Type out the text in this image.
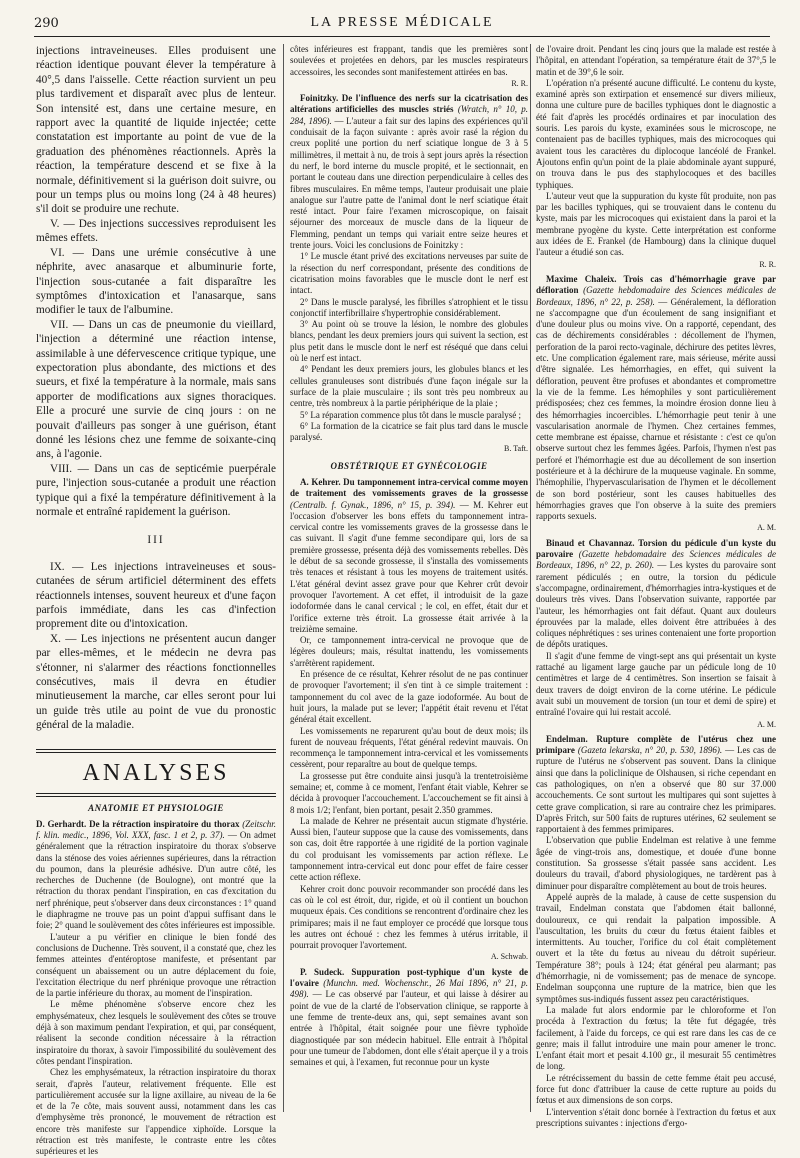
290	LA PRESSE MÉDICALE

injections intraveineuses. Elles produisent une réaction identique pouvant élever la température à 40°,5 dans l'aisselle. Cette réaction survient un peu plus tardivement et disparaît avec plus de lenteur. Son intensité est, dans une certaine mesure, en rapport avec la quantité de liquide injectée; cette constatation est importante au point de vue de la graduation des phénomènes réactionnels. Après la réaction, la température descend et se fixe à la normale, définitivement si la guérison doit suivre, ou pour un temps plus ou moins long (24 à 48 heures) s'il doit se produire une rechute.

V. — Des injections successives reproduisent les mêmes effets.

VI. — Dans une urémie consécutive à une néphrite, avec anasarque et albuminurie forte, l'injection sous-cutanée a fait disparaître les symptômes d'intoxication et l'anasarque, sans modifier le taux de l'albumine.

VII. — Dans un cas de pneumonie du vieillard, l'injection a déterminé une réaction intense, assimilable à une défervescence critique typique, une expectoration plus abondante, des mictions et des sueurs, et fixé la température à la normale, mais sans apporter de modifications aux signes thoraciques. Elle a procuré une survie de cinq jours : on ne pouvait d'ailleurs pas songer à une guérison, étant donné les lésions chez une femme de soixante-cinq ans, à l'agonie.

VIII. — Dans un cas de septicémie puerpérale pure, l'injection sous-cutanée a produit une réaction typique qui a fixé la température définitivement à la normale et entraîné rapidement la guérison.

III

IX. — Les injections intraveineuses et sous-cutanées de sérum artificiel déterminent des effets réactionnels intenses, souvent heureux et d'une façon parfois immédiate, dans les cas d'infection proprement dite ou d'intoxication.

X. — Les injections ne présentent aucun danger par elles-mêmes, et le médecin ne devra pas s'étonner, ni s'alarmer des réactions fonctionnelles consécutives, mais il devra en étudier minutieusement la marche, car elles seront pour lui un guide très utile au point de vue du pronostic général de la maladie.

ANALYSES

ANATOMIE ET PHYSIOLOGIE

D. Gerhardt. De la rétraction inspiratoire du thorax (Zeitschr. f. klin. medic., 1896, Vol. XXX, fasc. 1 et 2, p. 37). — On admet généralement que la rétraction inspiratoire du thorax s'observe dans la sténose des voies aériennes supérieures, dans la rétraction du poumon, dans la pleurésie adhésive. D'un autre côté, les recherches de Duchenne (de Boulogne), ont montré que la rétraction du thorax pendant l'inspiration, en cas d'excitation du nerf phrénique, peut s'observer dans deux circonstances : 1° quand le diaphragme ne trouve pas un point d'appui suffisant dans le foie; 2° quand le soulèvement des côtes inférieures est impossible.

L'auteur a pu vérifier en clinique le bien fondé des conclusions de Duchenne. Très souvent, il a constaté que, chez les femmes atteintes d'entéroptose manifeste, et présentant par conséquent un abaissement ou un autre déplacement du foie, l'excitation électrique du nerf phrénique provoque une rétraction de la partie inférieure du thorax, au moment de l'inspiration.

Le même phénomène s'observe encore chez les emphysémateux, chez lesquels le soulèvement des côtes se trouve déjà à son maximum pendant l'expiration, et qui, par conséquent, réalisent la seconde condition nécessaire à la rétraction inspiratoire du thorax, à savoir l'impossibilité du soulèvement des côtes pendant l'inspiration.

Chez les emphysémateux, la rétraction inspiratoire du thorax serait, d'après l'auteur, relativement fréquente. Elle est particulièrement accusée sur la ligne axillaire, au niveau de la 6e et de la 7e côte, mais souvent aussi, notamment dans les cas d'emphysème très prononcé, le mouvement de rétraction est encore très manifeste sur l'appendice xiphoïde. Lorsque la rétraction est très manifeste, le contraste entre les côtes supérieures et les

côtes inférieures est frappant, tandis que les premières sont soulevées et projetées en dehors, par les muscles respirateurs accessoires, les secondes sont manifestement attirées en bas.

R. R.

Foinitzky. De l'influence des nerfs sur la cicatrisation des altérations artificielles des muscles striés (Wratch, n° 10, p. 284, 1896). — L'auteur a fait sur des lapins des expériences qu'il conduisait de la façon suivante : après avoir rasé la région du creux poplité une portion du nerf sciatique longue de 3 à 5 millimètres, il mettait à nu, de trois à sept jours après la résection du nerf, le bord interne du muscle propité, et le sectionnait, en portant le couteau dans une direction perpendiculaire à celles des fibres musculaires. En même temps, l'auteur produisait une plaie analogue sur l'autre patte de l'animal dont le nerf sciatique était resté intact. Pour faire l'examen microscopique, on faisait séjourner des morceaux de muscle dans de la liqueur de Flemming, pendant un temps qui variait entre seize heures et trente jours. Voici les conclusions de Foinitzky :

1° Le muscle étant privé des excitations nerveuses par suite de la résection du nerf correspondant, présente des conditions de cicatrisation moins favorables que le muscle dont le nerf est intact.

2° Dans le muscle paralysé, les fibrilles s'atrophient et le tissu conjonctif interfibrillaire s'hypertrophie considérablement.

3° Au point où se trouve la lésion, le nombre des globules blancs, pendant les deux premiers jours qui suivent la section, est plus petit dans le muscle dont le nerf est réséqué que dans celui où le nerf est intact.

4° Pendant les deux premiers jours, les globules blancs et les cellules granuleuses sont distribués d'une façon inégale sur la surface de la plaie musculaire ; ils sont très peu nombreux au centre, très nombreux à la partie périphérique de la plaie ;

5° La réparation commence plus tôt dans le muscle paralysé ;

6° La formation de la cicatrice se fait plus tard dans le muscle paralysé.

B. Taft.

OBSTÉTRIQUE ET GYNÉCOLOGIE

A. Kehrer. Du tamponnement intra-cervical comme moyen de traitement des vomissements graves de la grossesse (Centralb. f. Gynak., 1896, n° 15, p. 394). — M. Kehrer eut l'occasion d'observer les bons effets du tamponnement intra-cervical contre les vomissements graves de la grossesse dans le cas suivant. Il s'agit d'une femme secondipare qui, lors de sa première grossesse, présenta déjà des vomissements rebelles. Dès le début de sa seconde grossesse, il s'installa des vomissements très tenaces et résistant à tous les moyens de traitement usités. L'état général devint assez grave pour que Kehrer crût devoir provoquer l'avortement. A cet effet, il introduisit de la gaze iodoformée dans le canal cervical ; le col, en effet, était dur et l'orifice externe très étroit. La grossesse était arrivée à la treizième semaine.

Or, ce tamponnement intra-cervical ne provoque que de légères douleurs; mais, résultat inattendu, les vomissements s'arrêtèrent rapidement.

En présence de ce résultat, Kehrer résolut de ne pas continuer de provoquer l'avortement; il s'en tint à ce simple traitement : tamponnement du col avec de la gaze iodoformée. Au bout de huit jours, la malade put se lever; l'appétit était revenu et l'état général était excellent.

Les vomissements ne reparurent qu'au bout de deux mois; ils furent de nouveau fréquents, l'état général redevint mauvais. On recommença le tamponnement intra-cervical et les vomissements cessèrent, pour reparaître au bout de quelque temps.

La grossesse put être conduite ainsi jusqu'à la trentetroisième semaine; et, comme à ce moment, l'enfant était viable, Kehrer se décida à provoquer l'accouchement. L'accouchement se fit ainsi à 8 mois 1/2; l'enfant, bien portant, pesait 2.350 grammes.

La malade de Kehrer ne présentait aucun stigmate d'hystérie. Aussi bien, l'auteur suppose que la cause des vomissements, dans son cas, doit être rapportée à une rigidité de la portion vaginale du col produisant les vomissements par action réflexe. Le tamponnement intra-cervical eut donc pour effet de faire cesser cette action réflexe.

Kehrer croit donc pouvoir recommander son procédé dans les cas où le col est étroit, dur, rigide, et où il contient un bouchon muqueux épais. Ces conditions se rencontrent d'ordinaire chez les primipares; mais il ne faut employer ce procédé que lorsque tous les autres ont échoué : chez les femmes à utérus irritable, il pourrait provoquer l'avortement.

A. Schwab.

P. Sudeck. Suppuration post-typhique d'un kyste de l'ovaire (Munchn. med. Wochenschr., 26 Mai 1896, n° 21, p. 498). — Le cas observé par l'auteur, et qui laisse à désirer au point de vue de la clarté de l'observation clinique, se rapporte à une femme de trente-deux ans, qui, sept semaines avant son entrée à l'hôpital, était soignée pour une fièvre typhoïde diagnostiquée par son médecin habituel. Elle entrait à l'hôpital pour une tumeur de l'abdomen, dont elle s'était aperçue il y a trois semaines et qui, à l'examen, fut reconnue pour un kyste

de l'ovaire droit. Pendant les cinq jours que la malade est restée à l'hôpital, en attendant l'opération, sa température était de 37°,5 le matin et de 39°,6 le soir.

L'opération n'a présenté aucune difficulté. Le contenu du kyste, examiné après son extirpation et ensemencé sur divers milieux, donna une culture pure de bacilles typhiques dont le diagnostic a été fait d'après les procédés ordinaires et par inoculation des souris. Les parois du kyste, examinées sous le microscope, ne contenaient pas de bacilles typhiques, mais des microcoques qui avaient tous les caractères du diplocoque lancéolé de Frankel. Ajoutons enfin qu'un point de la plaie abdominale ayant suppuré, on trouva dans le pus des staphylocoques et des bacilles typhiques.

L'auteur veut que la suppuration du kyste fût produite, non pas par les bacilles typhiques, qui se trouvaient dans le contenu du kyste, mais par les microcoques qui existaient dans la paroi et la membrane pyogène du kyste. Cette interprétation est conforme aux idées de E. Frankel (de Hambourg) dans la clinique duquel l'auteur a étudié son cas.

R. R.

Maxime Chaleix. Trois cas d'hémorrhagie grave par défloration (Gazette hebdomadaire des Sciences médicales de Bordeaux, 1896, n° 22, p. 258). — Généralement, la défloration ne s'accompagne que d'un écoulement de sang insignifiant et d'une douleur plus ou moins vive. On a rapporté, cependant, des cas de déchirements considérables : décollement de l'hymen, perforation de la paroi recto-vaginale, déchirure des petites lèvres, etc. Une complication également rare, mais sérieuse, mérite aussi d'être signalée. Les hémorrhagies, en effet, qui suivent la défloration, peuvent être profuses et abondantes et compromettre la vie de la femme. Les hémophiles y sont particulièrement prédisposées; chez ces femmes, la moindre érosion donne lieu à des hémorrhagies incoercibles. L'hémorrhagie peut tenir à une vascularisation anormale de l'hymen. Chez certaines femmes, cette membrane est épaisse, charnue et résistante : c'est ce qu'on observe surtout chez les femmes âgées. Parfois, l'hymen n'est pas perforé et l'hémorrhagie est due au décollement de son insertion postérieure et à la déchirure de la muqueuse vaginale. En somme, l'hémophilie, l'hypervascularisation de l'hymen et le décollement de son bord postérieur, sont les causes habituelles des hémorrhagies graves que l'on observe à la suite des premiers rapports sexuels.

A. M.

Binaud et Chavannaz. Torsion du pédicule d'un kyste du parovaire (Gazette hebdomadaire des Sciences médicales de Bordeaux, 1896, n° 22, p. 260). — Les kystes du parovaire sont rarement pédiculés ; en outre, la torsion du pédicule s'accompagne, ordinairement, d'hémorrhagies intra-kystiques et de douleurs très vives. Dans l'observation suivante, rapportée par l'auteur, les hémorrhagies ont fait défaut. Quant aux douleurs éprouvées par la malade, elles doivent être attribuées à des coliques néphrétiques : ses urines contenaient une forte proportion de dépôts uratiques.

Il s'agit d'une femme de vingt-sept ans qui présentait un kyste rattaché au ligament large gauche par un pédicule long de 10 centimètres et large de 4 centimètres. Son insertion se faisait à deux travers de doigt environ de la corne utérine. Le pédicule avait subi un mouvement de torsion (un tour et demi de spire) et entraîné l'ovaire qui lui restait accolé.

A. M.

Endelman. Rupture complète de l'utérus chez une primipare (Gazeta lekarska, n° 20, p. 530, 1896). — Les cas de rupture de l'utérus ne s'observent pas souvent. Dans la clinique ainsi que dans la policlinique de Olshausen, si riche cependant en cas pathologiques, on n'en a observé que 80 sur 37.000 accouchements. Ce sont surtout les multipares qui sont sujettes à cette grave complication, si rare au contraire chez les primipares. D'après Fritch, sur 500 faits de ruptures utérines, 62 seulement se rapportaient à des femmes primipares.

L'observation que publie Endelman est relative à une femme âgée de vingt-trois ans, domestique, et douée d'une bonne constitution. Sa grossesse s'était passée sans accident. Les douleurs du travail, d'abord physiologiques, ne tardèrent pas à diminuer pour disparaître complètement au bout de trois heures.

Appelé auprès de la malade, à cause de cette suspension du travail, Endelman constata que l'abdomen était ballonné, douloureux, ce qui rendait la palpation impossible. A l'auscultation, les bruits du cœur du fœtus étaient faibles et intermittents. Au toucher, l'orifice du col était complètement ouvert et la tête du fœtus au niveau du détroit supérieur. Température 38°; pouls à 124; état général peu alarmant; pas d'hémorrhagie, ni de vomissement; pas de menace de syncope. Endelman soupçonna une rupture de la matrice, bien que les symptômes sus-indiqués fussent assez peu caractéristiques.

La malade fut alors endormie par le chloroforme et l'on procéda à l'extraction du fœtus; la tête fut dégagée, très facilement, à l'aide du forceps, ce qui est rare dans les cas de ce genre; mais il fallut introduire une main pour amener le tronc. L'enfant était mort et pesait 4.100 gr., il mesurait 55 centimètres de long.

Le rétrécissement du bassin de cette femme était peu accusé, force fut donc d'attribuer la cause de cette rupture au poids du fœtus et aux dimensions de son corps.

L'intervention s'était donc bornée à l'extraction du fœtus et aux prescriptions suivantes : injections d'ergo-
